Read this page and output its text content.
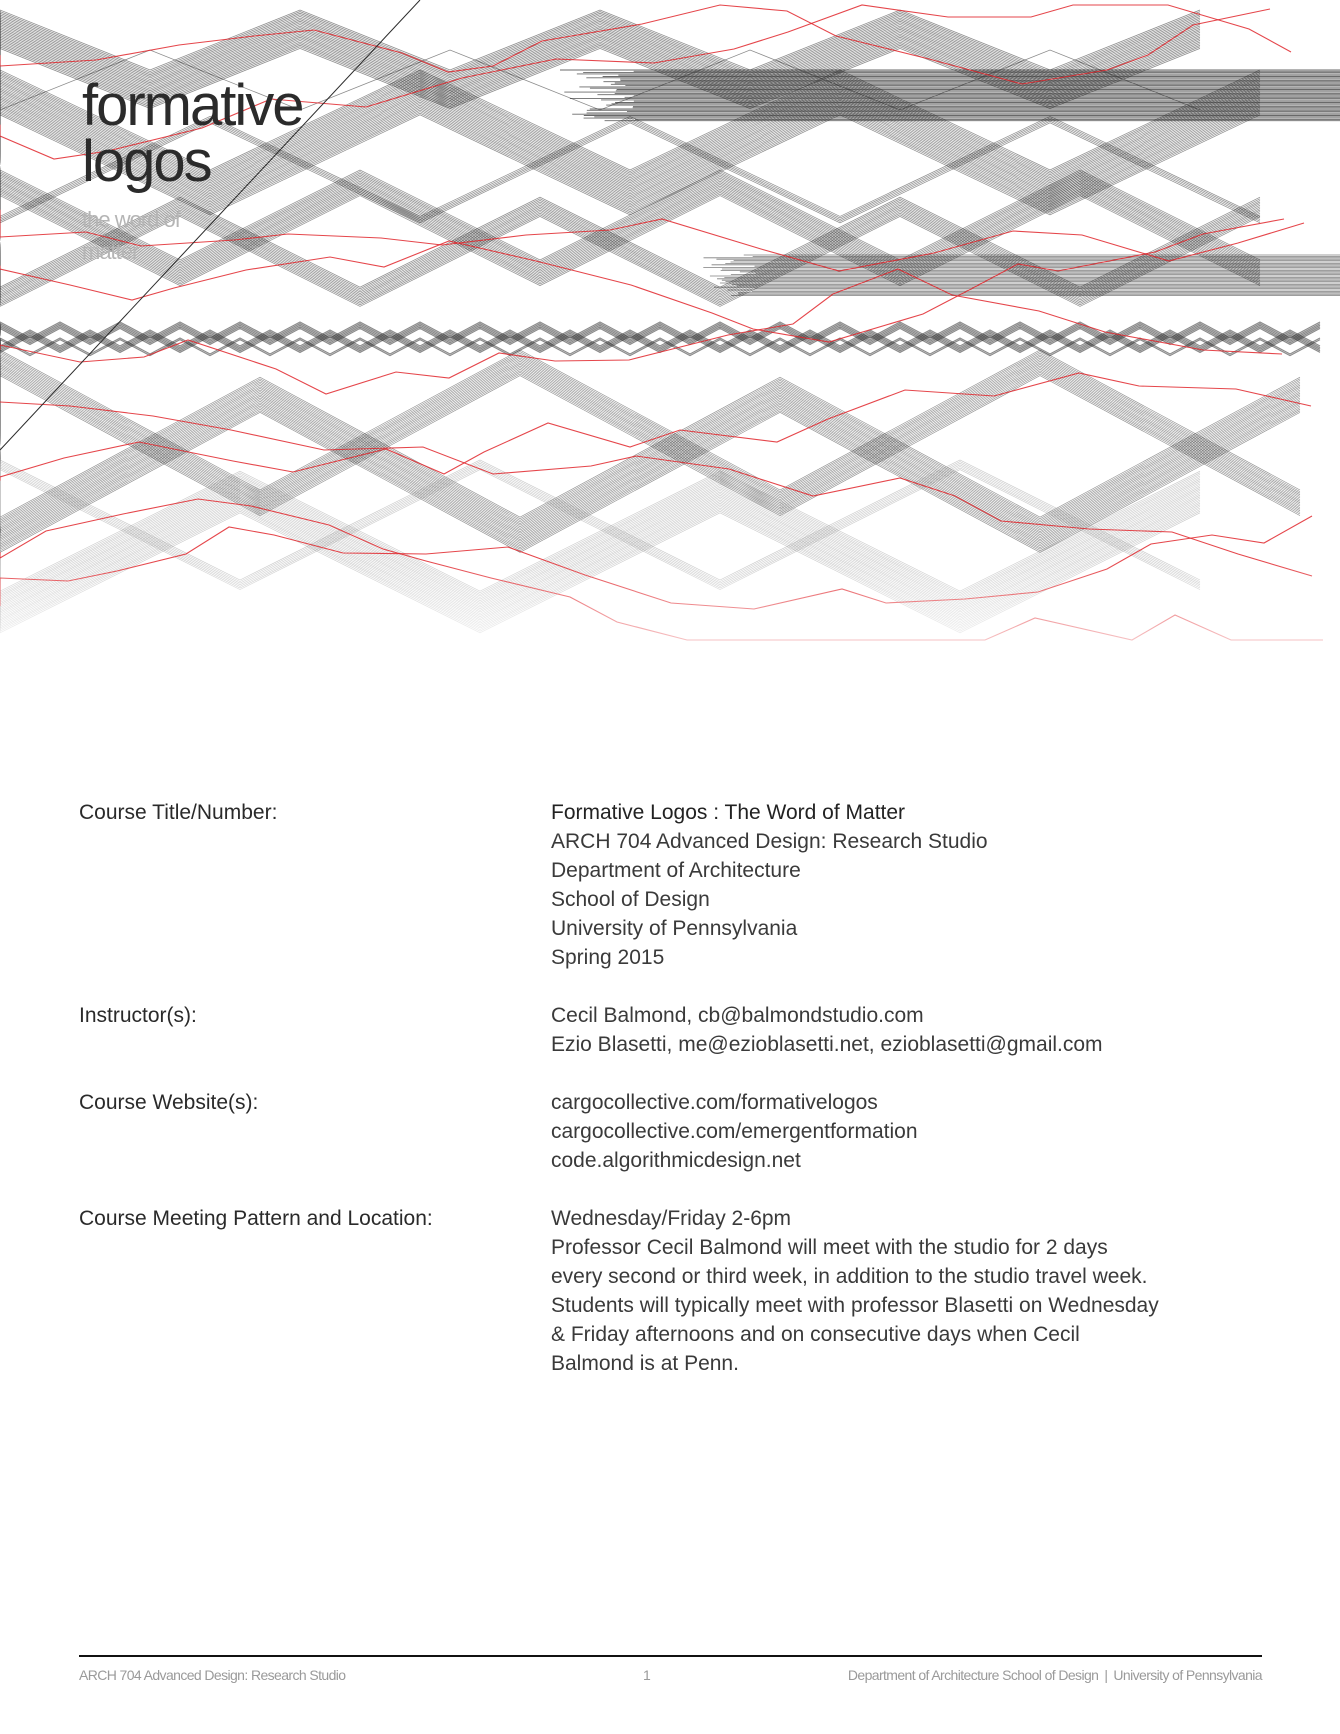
formative
logos
the word of
matter
Course Title/Number:	Formative Logos : The Word of Matter
ARCH 704 Advanced Design: Research Studio
Department of Architecture
School of Design
University of Pennsylvania
Spring 2015
Instructor(s):	Cecil Balmond, cb@balmondstudio.com
Ezio Blasetti, me@ezioblasetti.net, ezioblasetti@gmail.com
Course Website(s):	cargocollective.com/formativelogos
cargocollective.com/emergentformation
code.algorithmicdesign.net
Course Meeting Pattern and Location:	Wednesday/Friday 2-6pm
Professor Cecil Balmond will meet with the studio for 2 days
every second or third week, in addition to the studio travel week.
Students will typically meet with professor Blasetti on Wednesday
& Friday afternoons and on consecutive days when Cecil
Balmond is at Penn.
ARCH 704 Advanced Design: Research Studio	1	Department of Architecture School of Design | University of Pennsylvania
